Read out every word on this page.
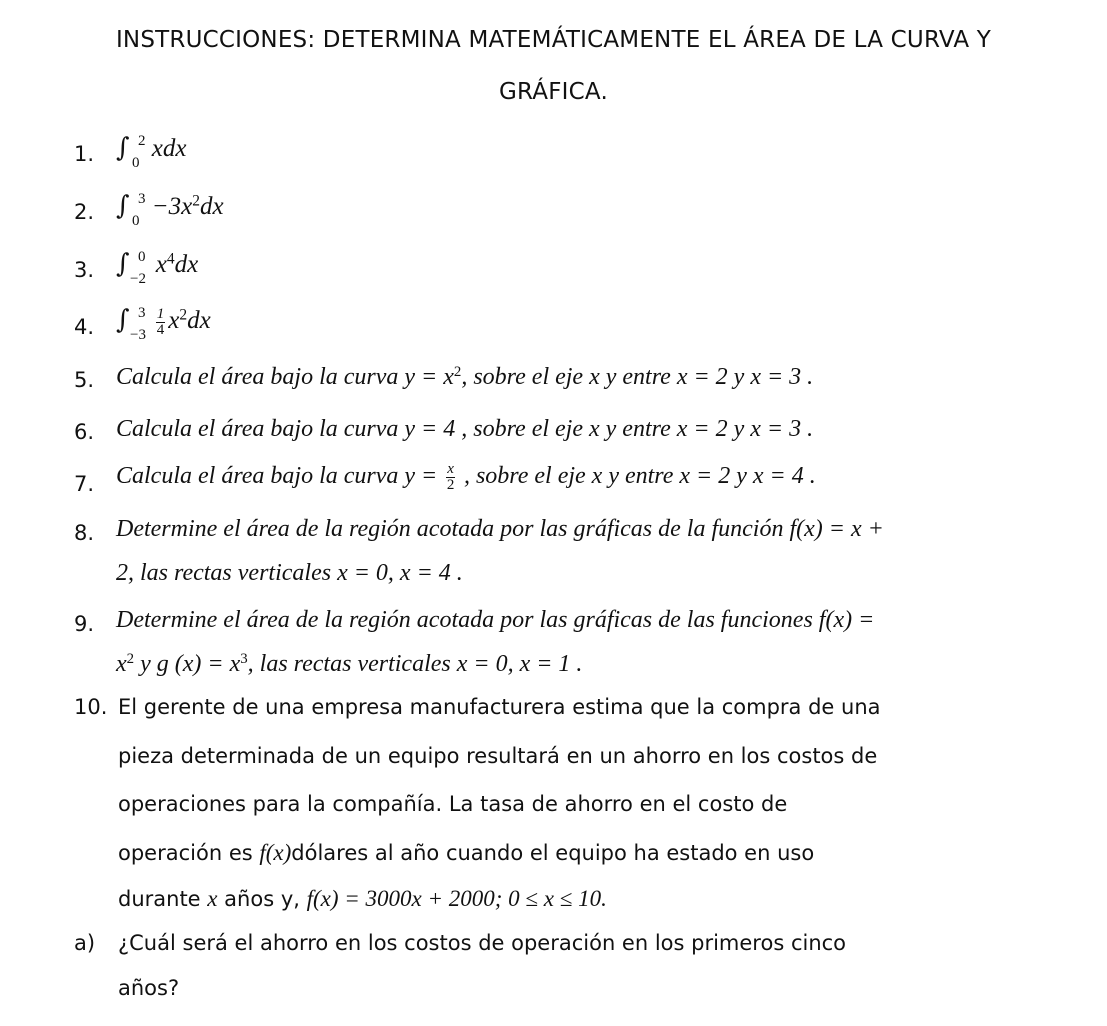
INSTRUCCIONES: DETERMINA MATEMÁTICAMENTE EL ÁREA DE LA CURVA Y
GRÁFICA.
1. ∫ 2
0
xdx
2. ∫ 3
0
$-3x^2dx$
3. ∫ 0
−2
$x^4dx$
4. ∫ 3
$-3 \frac{1}{4} x^2dx$
5. Calcula el área bajo la curva $y = x^2$, sobre el eje x y entre x = 2 y x = 3 .
6. Calcula el área bajo la curva y = 4 , sobre el eje x y entre x = 2 y x = 3 .
7. Calcula el área bajo la curva $y = \frac{x}{2}$ , sobre el eje x y entre x = 2 y x = 4 .
8. Determine el área de la región acotada por las gráficas de la función f(x) = x +
2, las rectas verticales x = 0, x = 4 .
9. Determine el área de la región acotada por las gráficas de las funciones f(x) =
$x^2$ y g $(x) = x^3$, las rectas verticales x = 0, x = 1 .
10. El gerente de una empresa manufacturera estima que la compra de una
pieza determinada de un equipo resultará en un ahorro en los costos de
operaciones para la compañía. La tasa de ahorro en el costo de
operación es f(x)dólares al año cuando el equipo ha estado en uso
durante x años y, f(x) = 3000x + 2000; 0 ≤ x ≤ 10.
a) ¿Cuál será el ahorro en los costos de operación en los primeros cinco
años?
